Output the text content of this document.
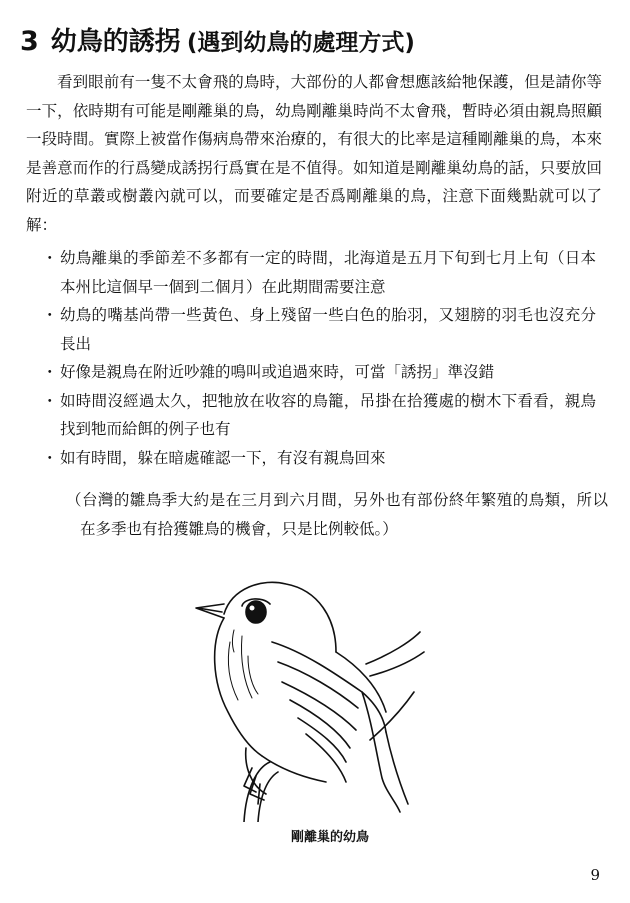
3 幼鳥的誘拐 (遇到幼鳥的處理方式)

看到眼前有一隻不太會飛的鳥時，大部份的人都會想應該給牠保護，但是請你等一下，依時期有可能是剛離巢的鳥，幼鳥剛離巢時尚不太會飛，暫時必須由親鳥照顧一段時間。實際上被當作傷病鳥帶來治療的，有很大的比率是這種剛離巢的鳥，本來是善意而作的行爲變成誘拐行爲實在是不值得。如知道是剛離巢幼鳥的話，只要放回附近的草叢或樹叢內就可以，而要確定是否爲剛離巢的鳥，注意下面幾點就可以了解：

・ 幼鳥離巢的季節差不多都有一定的時間，北海道是五月下旬到七月上旬（日本本州比這個早一個到二個月）在此期間需要注意
・ 幼鳥的嘴基尚帶一些黃色、身上殘留一些白色的胎羽，又翅膀的羽毛也沒充分長出
・ 好像是親鳥在附近吵雜的鳴叫或追過來時，可當「誘拐」準沒錯
・ 如時間沒經過太久，把牠放在收容的鳥籠，吊掛在拾獲處的樹木下看看，親鳥找到牠而給餌的例子也有
・ 如有時間，躲在暗處確認一下，有沒有親鳥回來

（台灣的雛鳥季大約是在三月到六月間，另外也有部份終年繁殖的鳥類，所以在多季也有拾獲雛鳥的機會，只是比例較低。）

剛離巢的幼鳥
9
